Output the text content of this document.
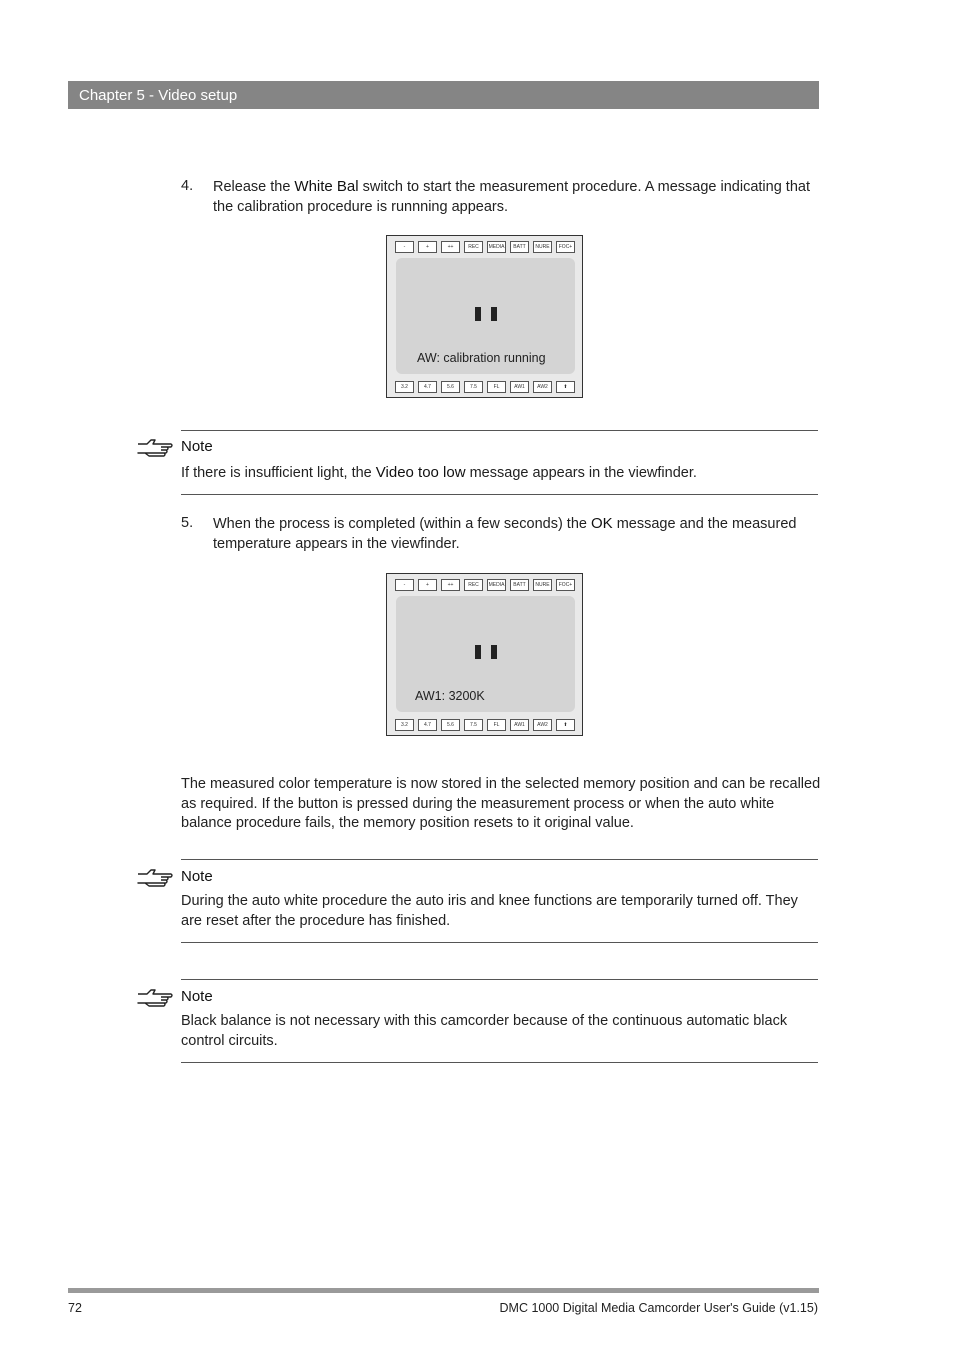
Chapter 5 - Video setup
4. Release the White Bal switch to start the measurement procedure. A message indicating that the calibration procedure is runnning appears.
-	+	++	REC	MEDIA	BATT	NURE	FOC+
AW: calibration running
3.2	4.7	5.6	7.5	FL	AW1	AW2	⬆
Note
If there is insufficient light, the Video too low message appears in the viewfinder.
5. When the process is completed (within a few seconds) the OK message and the measured temperature appears in the viewfinder.
-	+	++	REC	MEDIA	BATT	NURE	FOC+
AW1: 3200K
3.2	4.7	5.6	7.5	FL	AW1	AW2	⬆
The measured color temperature is now stored in the selected memory position and can be recalled as required. If the button is pressed during the measurement process or when the auto white balance procedure fails, the memory position resets to it original value.
Note
During the auto white procedure the auto iris and knee functions are temporarily turned off. They are reset after the procedure has finished.
Note
Black balance is not necessary with this camcorder because of the continuous automatic black control circuits.
72	DMC 1000 Digital Media Camcorder User's Guide (v1.15)
